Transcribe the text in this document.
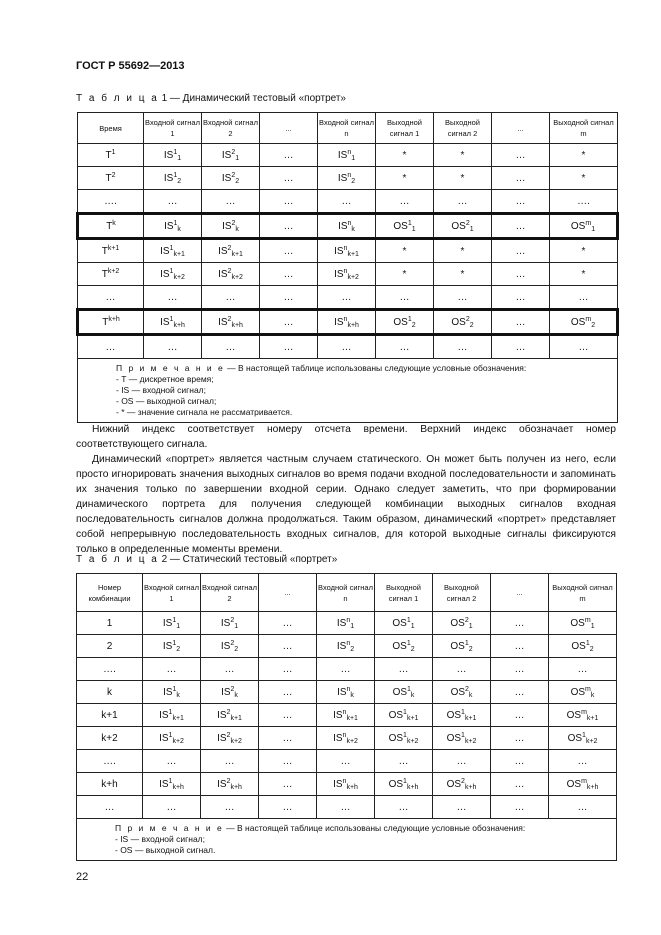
ГОСТ Р 55692—2013
Т а б л и ц а 1 — Динамический тестовый «портрет»
Время	Входной сигнал 1	Входной сигнал 2	...	Входной сигнал n	Выходной сигнал 1	Выходной сигнал 2	...	Выходной сигнал m
$T^1$	$IS^1_1$	$IS^2_1$	…	$IS^n_1$	*	*	…	*
$T^2$	$IS^1_2$	$IS^2_2$	…	$IS^n_2$	*	*	…	*
….	…	…	…	…	…	…	…	….
$T^k$	$IS^1_k$	$IS^2_k$	…	$IS^n_k$	$OS^1_1$	$OS^2_1$	…	$OS^m_1$
$T^{k+1}$	$IS^1_{k+1}$	$IS^2_{k+1}$	…	$IS^n_{k+1}$	*	*	…	*
$T^{k+2}$	$IS^1_{k+2}$	$IS^2_{k+2}$	…	$IS^n_{k+2}$	*	*	…	*
…	…	…	…	…	…	…	…	…
$T^{k+h}$	$IS^1_{k+h}$	$IS^2_{k+h}$	…	$IS^n_{k+h}$	$OS^1_2$	$OS^2_2$	…	$OS^m_2$
…	…	…	…	…	…	…	…	…

П р и м е ч а н и е — В настоящей таблице использованы следующие условные обозначения:
- Т — дискретное время;
- IS — входной сигнал;
- OS — выходной сигнал;
- * — значение сигнала не рассматривается.								

Нижний индекс соответствует номеру отсчета времени. Верхний индекс обозначает номер соответствующего сигнала.

Динамический «портрет» является частным случаем статического. Он может быть получен из него, если просто игнорировать значения выходных сигналов во время подачи входной последовательности и запоминать их значения только по завершении входной серии. Однако следует заметить, что при формировании динамического портрета для получения следующей комбинации выходных сигналов входная последовательность сигналов должна продолжаться. Таким образом, динамический «портрет» представляет собой непрерывную последовательность входных сигналов, для которой выходные сигналы фиксируются только в определенные моменты времени.

Т а б л и ц а 2 — Статический тестовый «портрет»
Номер комбинации	Входной сигнал 1	Входной сигнал 2	...	Входной сигнал n	Выходной сигнал 1	Выходной сигнал 2	...	Выходной сигнал m
1	$IS^1_1$	$IS^2_1$	…	$IS^n_1$	$OS^1_1$	$OS^2_1$	…	$OS^m_1$
2	$IS^1_2$	$IS^2_2$	…	$IS^n_2$	$OS^1_2$	$OS^1_2$	…	$OS^1_2$
….	…	…	…	…	…	…	…	…
k	$IS^1_k$	$IS^2_k$	…	$IS^n_k$	$OS^1_k$	$OS^2_k$	…	$OS^m_k$
k+1	$IS^1_{k+1}$	$IS^2_{k+1}$	…	$IS^n_{k+1}$	$OS^1_{k+1}$	$OS^1_{k+1}$	…	$OS^m_{k+1}$
k+2	$IS^1_{k+2}$	$IS^2_{k+2}$	…	$IS^n_{k+2}$	$OS^1_{k+2}$	$OS^1_{k+2}$	…	$OS^1_{k+2}$
….	…	…	…	…	…	…	…	…
k+h	$IS^1_{k+h}$	$IS^2_{k+h}$	…	$IS^n_{k+h}$	$OS^1_{k+h}$	$OS^2_{k+h}$	…	$OS^m_{k+h}$
…	…	…	…	…	…	…	…	…

П р и м е ч а н и е — В настоящей таблице использованы следующие условные обозначения:
- IS — входной сигнал;
- OS — выходной сигнал.								
22
